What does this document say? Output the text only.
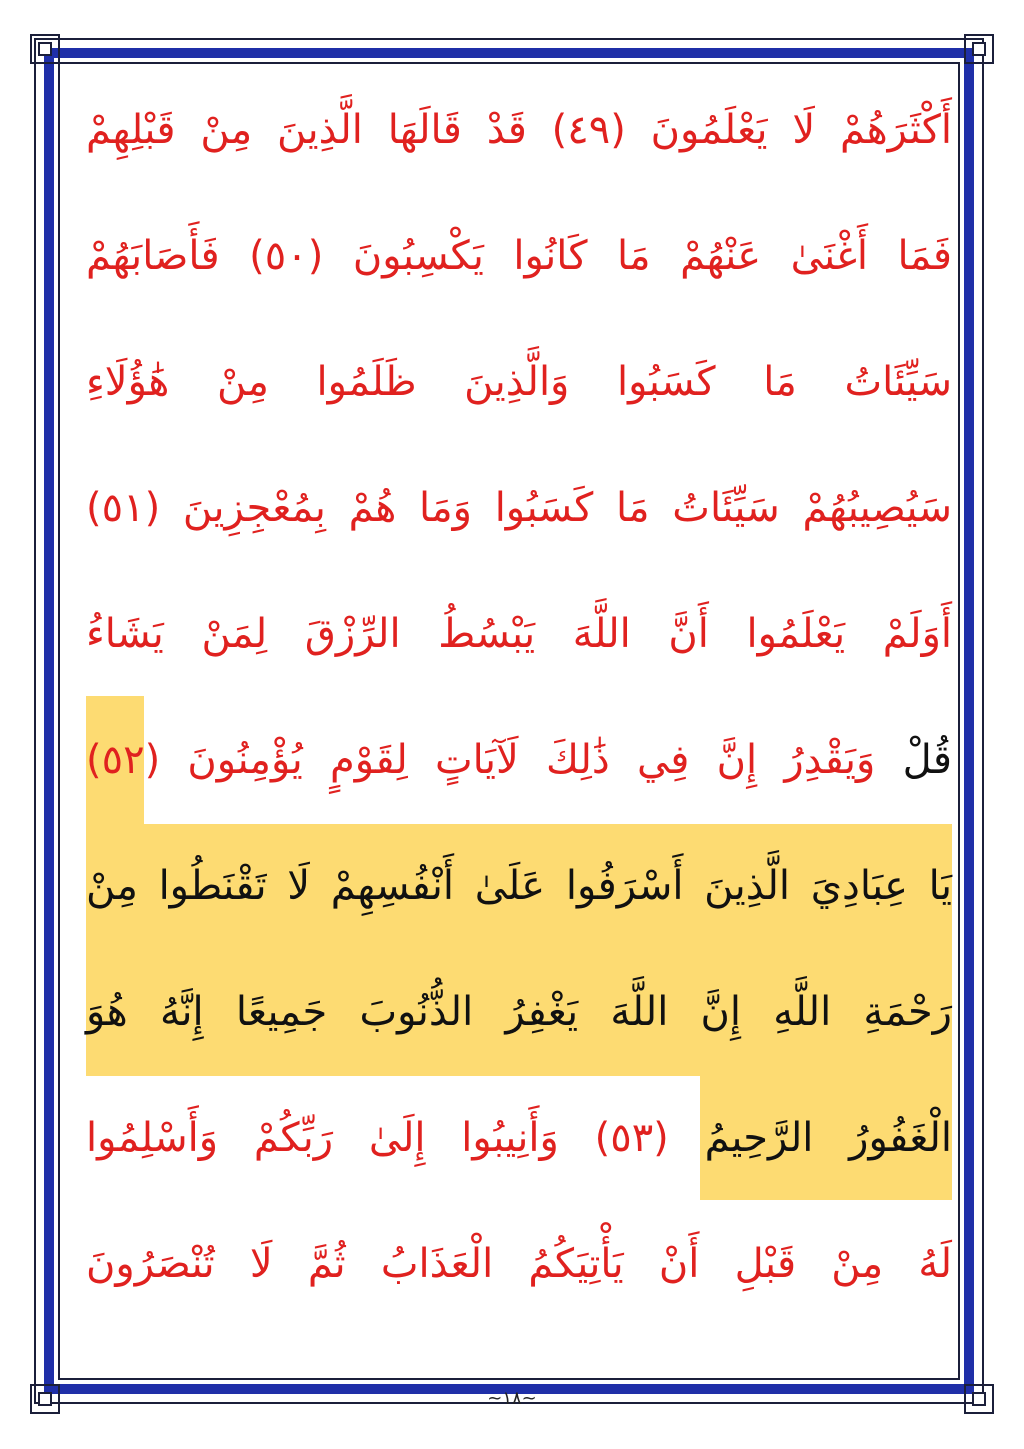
أَكْثَرَهُمْ لَا يَعْلَمُونَ (٤٩) قَدْ قَالَهَا الَّذِينَ مِنْ قَبْلِهِمْ
فَمَا أَغْنَىٰ عَنْهُمْ مَا كَانُوا يَكْسِبُونَ (٥٠) فَأَصَابَهُمْ
سَيِّئَاتُ مَا كَسَبُوا وَالَّذِينَ ظَلَمُوا مِنْ هَٰؤُلَاءِ
سَيُصِيبُهُمْ سَيِّئَاتُ مَا كَسَبُوا وَمَا هُمْ بِمُعْجِزِينَ (٥١)
أَوَلَمْ يَعْلَمُوا أَنَّ اللَّهَ يَبْسُطُ الرِّزْقَ لِمَنْ يَشَاءُ
قُلْ وَيَقْدِرُ إِنَّ فِي ذَٰلِكَ لَآيَاتٍ لِقَوْمٍ يُؤْمِنُونَ (٥٢)
يَا عِبَادِيَ الَّذِينَ أَسْرَفُوا عَلَىٰ أَنْفُسِهِمْ لَا تَقْنَطُوا مِنْ
رَحْمَةِ اللَّهِ إِنَّ اللَّهَ يَغْفِرُ الذُّنُوبَ جَمِيعًا إِنَّهُ هُوَ
الْغَفُورُ الرَّحِيمُ (٥٣) وَأَنِيبُوا إِلَىٰ رَبِّكُمْ وَأَسْلِمُوا
لَهُ مِنْ قَبْلِ أَنْ يَأْتِيَكُمُ الْعَذَابُ ثُمَّ لَا تُنْصَرُونَ
~١٨~
